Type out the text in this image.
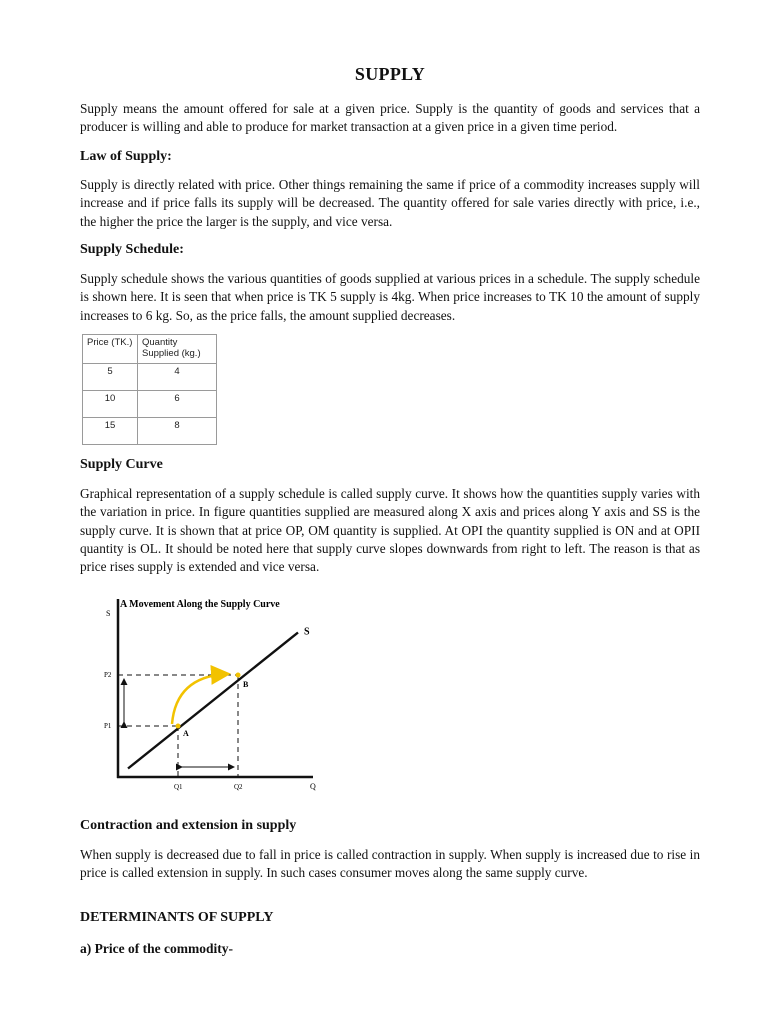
SUPPLY

Supply means the amount offered for sale at a given price. Supply is the quantity of goods and services that a producer is willing and able to produce for market transaction at a given price in a given time period.

Law of Supply:

Supply is directly related with price. Other things remaining the same if price of a commodity increases supply will increase and if price falls its supply will be decreased. The quantity offered for sale varies directly with price, i.e., the higher the price the larger is the supply, and vice versa.

Supply Schedule:

Supply schedule shows the various quantities of goods supplied at various prices in a schedule. The supply schedule is shown here. It is seen that when price is TK 5 supply is 4kg. When price increases to TK 10 the amount of supply increases to 6 kg. So, as the price falls, the amount supplied decreases.

Supply Curve

Graphical representation of a supply schedule is called supply curve. It shows how the quantities supply varies with the variation in price. In figure quantities supplied are measured along X axis and prices along Y axis and SS is the supply curve. It is shown that at price OP, OM quantity is supplied. At OPI the quantity supplied is ON and at OPII quantity is OL. It should be noted here that supply curve slopes downwards from right to left. The reason is that as price rises supply is extended and vice versa.

Contraction and extension in supply

When supply is decreased due to fall in price is called contraction in supply. When supply is increased due to rise in price is called extension in supply. In such cases consumer moves along the same supply curve.

DETERMINANTS OF SUPPLY

a) Price of the commodity-

Price (TK.)	Quantity Supplied (kg.)
5	4
10	6
15	8
A Movement Along the Supply Curve
S
Q
S
A
B
P1
P2
Q1	Q2
